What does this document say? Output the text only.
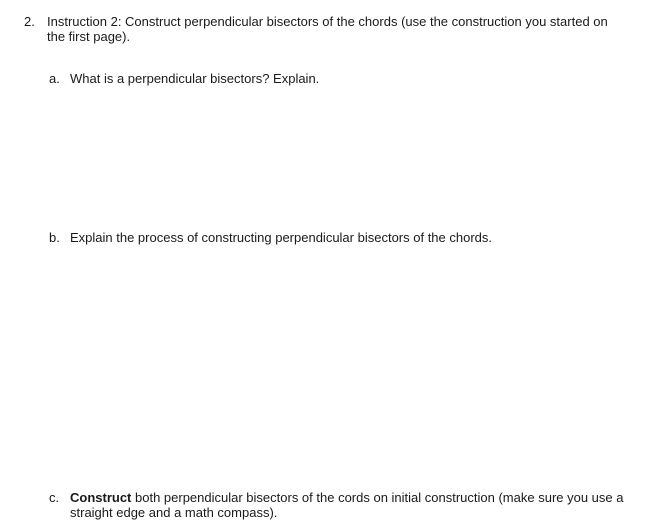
2. Instruction 2: Construct perpendicular bisectors of the chords (use the construction you started on the first page).
a. What is a perpendicular bisectors? Explain.
b. Explain the process of constructing perpendicular bisectors of the chords.
c. Construct both perpendicular bisectors of the cords on initial construction (make sure you use a straight edge and a math compass).
